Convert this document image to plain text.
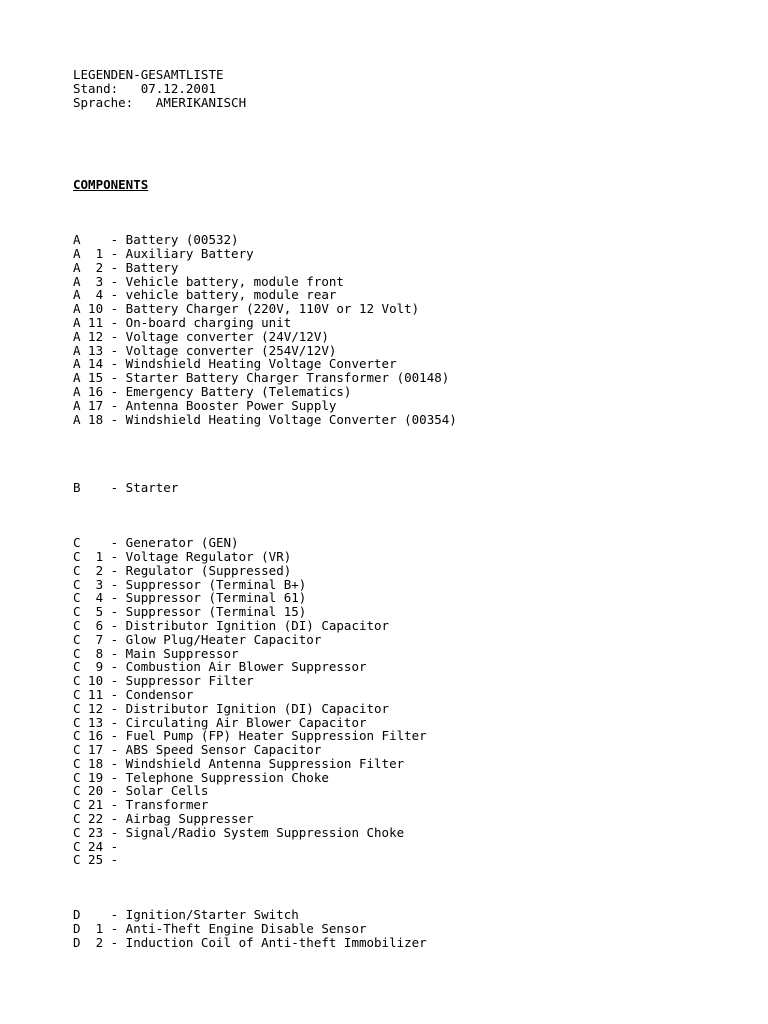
LEGENDEN-GESAMTLISTE
Stand:   07.12.2001
Sprache:   AMERIKANISCH
COMPONENTS
A    - Battery (00532)
A  1 - Auxiliary Battery
A  2 - Battery
A  3 - Vehicle battery, module front
A  4 - vehicle battery, module rear
A 10 - Battery Charger (220V, 110V or 12 Volt)
A 11 - On-board charging unit
A 12 - Voltage converter (24V/12V)
A 13 - Voltage converter (254V/12V)
A 14 - Windshield Heating Voltage Converter
A 15 - Starter Battery Charger Transformer (00148)
A 16 - Emergency Battery (Telematics)
A 17 - Antenna Booster Power Supply
A 18 - Windshield Heating Voltage Converter (00354)
B    - Starter
C    - Generator (GEN)
C  1 - Voltage Regulator (VR)
C  2 - Regulator (Suppressed)
C  3 - Suppressor (Terminal B+)
C  4 - Suppressor (Terminal 61)
C  5 - Suppressor (Terminal 15)
C  6 - Distributor Ignition (DI) Capacitor
C  7 - Glow Plug/Heater Capacitor
C  8 - Main Suppressor
C  9 - Combustion Air Blower Suppressor
C 10 - Suppressor Filter
C 11 - Condensor
C 12 - Distributor Ignition (DI) Capacitor
C 13 - Circulating Air Blower Capacitor
C 16 - Fuel Pump (FP) Heater Suppression Filter
C 17 - ABS Speed Sensor Capacitor
C 18 - Windshield Antenna Suppression Filter
C 19 - Telephone Suppression Choke
C 20 - Solar Cells
C 21 - Transformer
C 22 - Airbag Suppresser
C 23 - Signal/Radio System Suppression Choke
C 24 -
C 25 -
D    - Ignition/Starter Switch
D  1 - Anti-Theft Engine Disable Sensor
D  2 - Induction Coil of Anti-theft Immobilizer
